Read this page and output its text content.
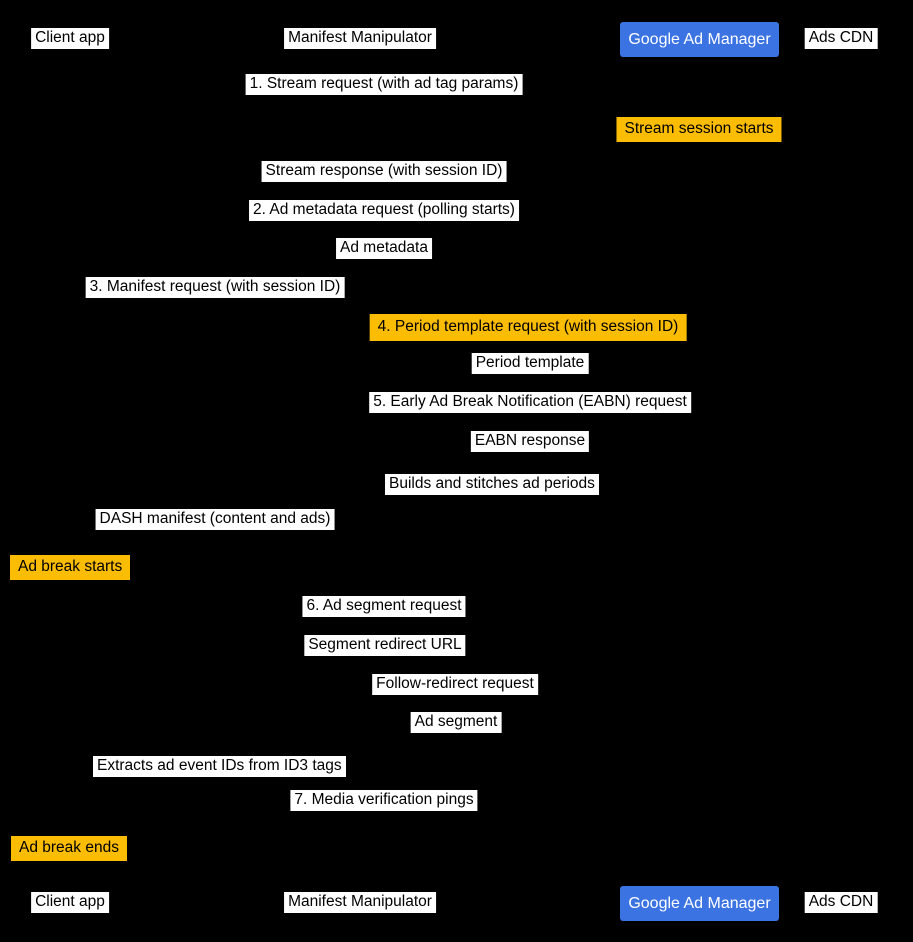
Client app	Manifest Manipulator	Google Ad Manager	Ads CDN
1. Stream request (with ad tag params)
Stream session starts
Stream response (with session ID)
2. Ad metadata request (polling starts)
Ad metadata
3. Manifest request (with session ID)
4. Period template request (with session ID)
Period template
5. Early Ad Break Notification (EABN) request
EABN response
Builds and stitches ad periods
DASH manifest (content and ads)
Ad break starts
6. Ad segment request
Segment redirect URL
Follow-redirect request
Ad segment
Extracts ad event IDs from ID3 tags
7. Media verification pings
Ad break ends
Client app	Manifest Manipulator	Google Ad Manager	Ads CDN
